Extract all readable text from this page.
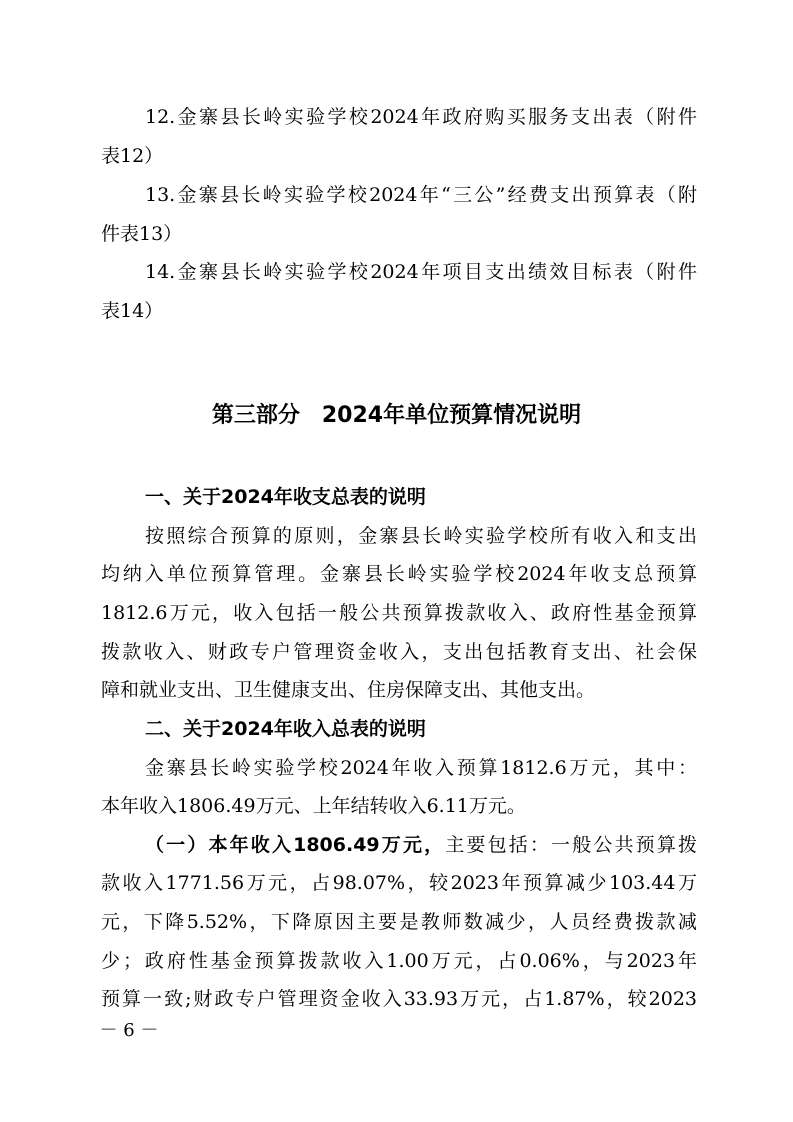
12.金寨县长岭实验学校2024年政府购买服务支出表（附件
表12）
13.金寨县长岭实验学校2024年“三公”经费支出预算表（附
件表13）
14.金寨县长岭实验学校2024年项目支出绩效目标表（附件
表14）
第三部分　2024年单位预算情况说明
一、关于2024年收支总表的说明
按照综合预算的原则，金寨县长岭实验学校所有收入和支出
均纳入单位预算管理。金寨县长岭实验学校2024年收支总预算
1812.6万元，收入包括一般公共预算拨款收入、政府性基金预算
拨款收入、财政专户管理资金收入，支出包括教育支出、社会保
障和就业支出、卫生健康支出、住房保障支出、其他支出。
二、关于2024年收入总表的说明
金寨县长岭实验学校2024年收入预算1812.6万元，其中：
本年收入1806.49万元、上年结转收入6.11万元。
（一）本年收入1806.49万元，主要包括：一般公共预算拨
款收入1771.56万元，占98.07%，较2023年预算减少103.44万
元，下降5.52%，下降原因主要是教师数减少，人员经费拨款减
少；政府性基金预算拨款收入1.00万元，占0.06%，与2023年
预算一致;财政专户管理资金收入33.93万元，占1.87%，较2023
－ 6 －
